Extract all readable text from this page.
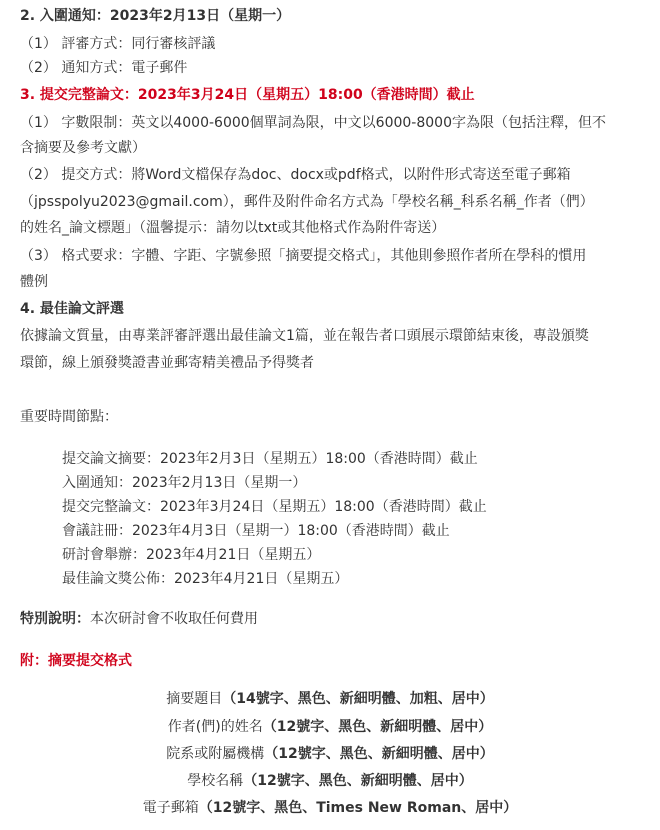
2. 入圍通知：2023年2月13日（星期一）
（1） 評審方式：同行審核評議
（2） 通知方式：電子郵件
3. 提交完整論文：2023年3月24日（星期五）18:00（香港時間）截止
（1） 字數限制：英文以4000-6000個單詞為限，中文以6000-8000字為限（包括注釋，但不
含摘要及參考文獻）
（2） 提交方式：將Word文檔保存為doc、docx或pdf格式，以附件形式寄送至電子郵箱
（jpsspolyu2023@gmail.com），郵件及附件命名方式為「學校名稱_科系名稱_作者（們）
的姓名_論文標題」（溫馨提示：請勿以txt或其他格式作為附件寄送）
（3） 格式要求：字體、字距、字號參照「摘要提交格式」，其他則參照作者所在學科的慣用
體例
4. 最佳論文評選
依據論文質量，由專業評審評選出最佳論文1篇，並在報告者口頭展示環節結束後，專設頒獎
環節，線上頒發獎證書並郵寄精美禮品予得獎者
重要時間節點：
提交論文摘要：2023年2月3日（星期五）18:00（香港時間）截止
入圍通知：2023年2月13日（星期一）
提交完整論文：2023年3月24日（星期五）18:00（香港時間）截止
會議註冊：2023年4月3日（星期一）18:00（香港時間）截止
研討會舉辦：2023年4月21日（星期五）
最佳論文獎公佈：2023年4月21日（星期五）
特別說明：本次研討會不收取任何費用
附：摘要提交格式
摘要題目（14號字、黑色、新細明體、加粗、居中）
作者(們)的姓名（12號字、黑色、新細明體、居中）
院系或附屬機構（12號字、黑色、新細明體、居中）
學校名稱（12號字、黑色、新細明體、居中）
電子郵箱（12號字、黑色、Times New Roman、居中）
